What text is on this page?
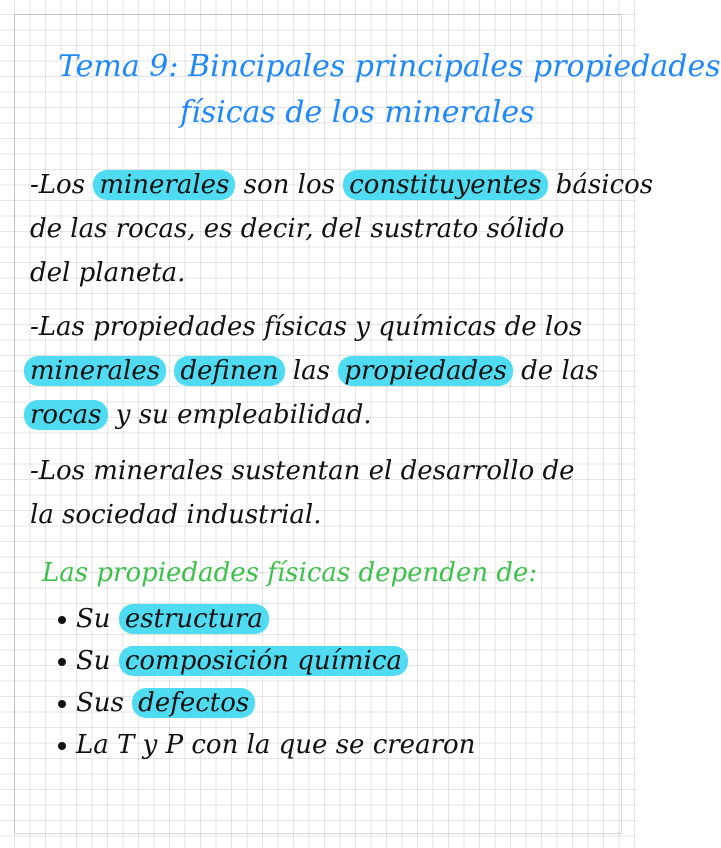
Tema 9: Bincipales principales propiedades
físicas de los minerales
-Los minerales son los constituyentes básicos
de las rocas, es decir, del sustrato sólido
del planeta.
-Las propiedades físicas y químicas de los
minerales definen las propiedades de las
rocas y su empleabilidad.
-Los minerales sustentan el desarrollo de
la sociedad industrial.
Las propiedades físicas dependen de:
Su estructura
Su composición química
Sus defectos
La T y P con la que se crearon
